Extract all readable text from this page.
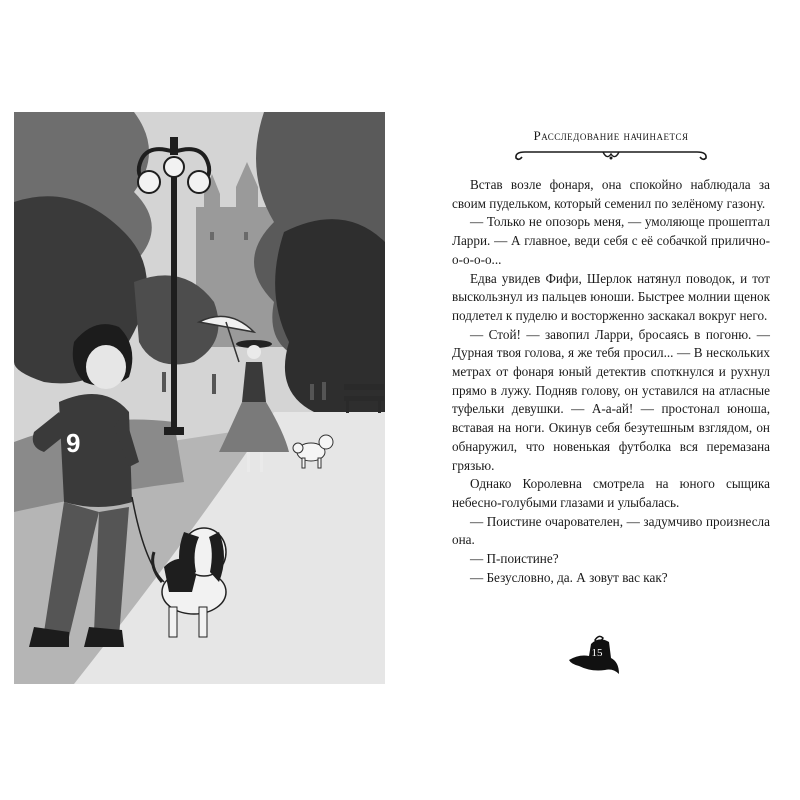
9

Расследование начинается

Встав возле фонаря, она спокойно наблюдала за своим пудельком, который семенил по зелёному газону.

— Только не опозорь меня, — умоляюще прошептал Ларри. — А главное, веди себя с её собачкой прилично-о-о-о-о...

Едва увидев Фифи, Шерлок натянул поводок, и тот выскользнул из пальцев юноши. Быстрее молнии щенок подлетел к пуделю и восторженно заскакал вокруг него.

— Стой! — завопил Ларри, бросаясь в погоню. — Дурная твоя голова, я же тебя просил... — В нескольких метрах от фонаря юный детектив споткнулся и рухнул прямо в лужу. Подняв голову, он уставился на атласные туфельки девушки. — А-а-ай! — простонал юноша, вставая на ноги. Окинув себя безутешным взглядом, он обнаружил, что новенькая футболка вся перемазана грязью.

Однако Королевна смотрела на юного сыщика небесно-голубыми глазами и улыбалась.

— Поистине очарователен, — задумчиво произнесла она.

— П-поистине?

— Безусловно, да. А зовут вас как?

15
